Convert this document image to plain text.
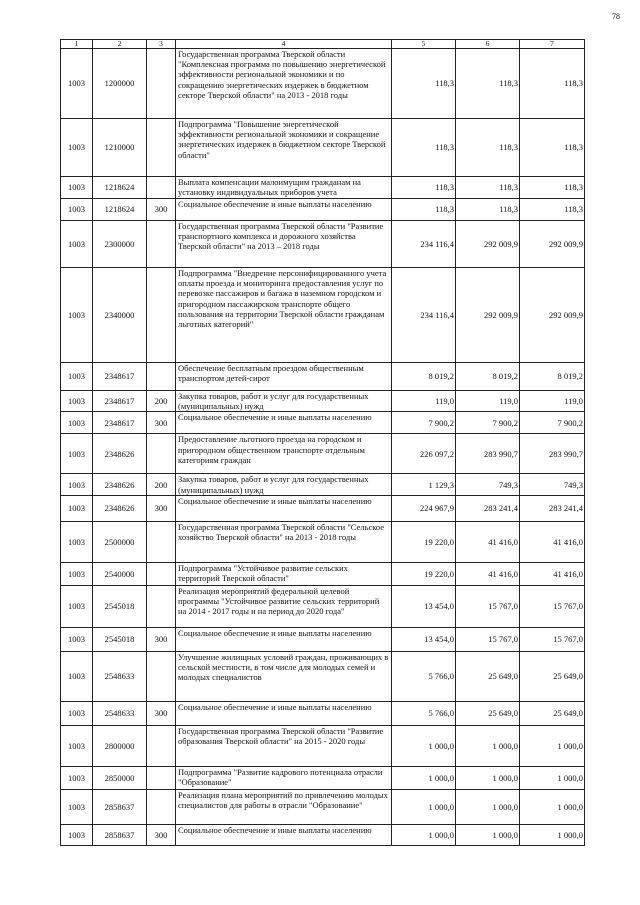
78
1	2	3	4	5	6	7
1003	1200000		Государственная программа Тверской области "Комплексная программа по повышению энергетической эффективности региональной экономики и по сокращению энергетических издержек в бюджетном секторе Тверской области" на 2013 - 2018 годы	118,3	118,3	118,3
1003	1210000		Подпрограмма "Повышение энергетической эффективности региональной экономики и сокращение энергетических издержек в бюджетном секторе Тверской области"	118,3	118,3	118,3
1003	1218624		Выплата компенсации малоимущим гражданам на установку индивидуальных приборов учета	118,3	118,3	118,3
1003	1218624	300	Социальное обеспечение и иные выплаты населению	118,3	118,3	118,3
1003	2300000		Государственная программа Тверской области "Развитие транспортного комплекса и дорожного хозяйства Тверской области" на 2013 – 2018 годы	234 116,4	292 009,9	292 009,9
1003	2340000		Подпрограмма "Внедрение персонифицированного учета оплаты проезда и мониторинга предоставления услуг по перевозке пассажиров и багажа в наземном городском и пригородном пассажирском транспорте общего пользования на территории Тверской области гражданам льготных категорий"	234 116,4	292 009,9	292 009,9
1003	2348617		Обеспечение бесплатным проездом общественным транспортом детей-сирот	8 019,2	8 019,2	8 019,2
1003	2348617	200	Закупка товаров, работ и услуг для государственных (муниципальных) нужд	119,0	119,0	119,0
1003	2348617	300	Социальное обеспечение и иные выплаты населению	7 900,2	7 900,2	7 900,2
1003	2348626		Предоставление льготного проезда на городском и пригородном общественном транспорте отдельным категориям граждан	226 097,2	283 990,7	283 990,7
1003	2348626	200	Закупка товаров, работ и услуг для государственных (муниципальных) нужд	1 129,3	749,3	749,3
1003	2348626	300	Социальное обеспечение и иные выплаты населению	224 967,9	283 241,4	283 241,4
1003	2500000		Государственная программа Тверской области "Сельское хозяйство Тверской области" на 2013 - 2018 годы	19 220,0	41 416,0	41 416,0
1003	2540000		Подпрограмма "Устойчивое развитие сельских территорий Тверской области"	19 220,0	41 416,0	41 416,0
1003	2545018		Реализация мероприятий федеральной целевой программы "Устойчивое развитие сельских территорий на 2014 - 2017 годы и на период до 2020 года"	13 454,0	15 767,0	15 767,0
1003	2545018	300	Социальное обеспечение и иные выплаты населению	13 454,0	15 767,0	15 767,0
1003	2548633		Улучшение жилищных условий граждан, проживающих в сельской местности, в том числе для молодых семей и молодых специалистов	5 766,0	25 649,0	25 649,0
1003	2548633	300	Социальное обеспечение и иные выплаты населению	5 766,0	25 649,0	25 649,0
1003	2800000		Государственная программа Тверской области "Развитие образования Тверской области" на 2015 - 2020 годы	1 000,0	1 000,0	1 000,0
1003	2850000		Подпрограмма "Развитие кадрового потенциала отрасли "Образование"	1 000,0	1 000,0	1 000,0
1003	2858637		Реализация плана мероприятий по привлечению молодых специалистов для работы в отрасли "Образование"	1 000,0	1 000,0	1 000,0
1003	2858637	300	Социальное обеспечение и иные выплаты населению	1 000,0	1 000,0	1 000,0
